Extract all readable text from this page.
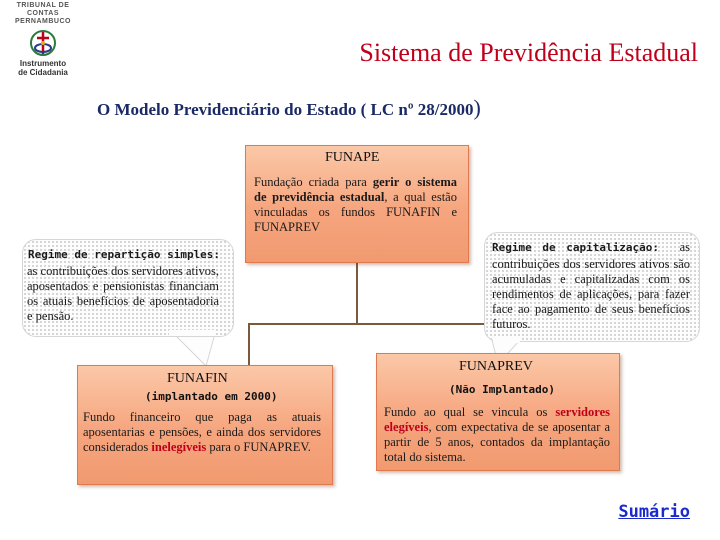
TRIBUNAL DE CONTAS
PERNAMBUCO
Instrumento
de Cidadania
Sistema de Previdência Estadual
O Modelo Previdenciário do Estado ( LC nº 28/2000)
FUNAPE
Fundação criada para gerir o sistema de previdência estadual, a qual estão vinculadas os fundos FUNAFIN e FUNAPREV
Regime de repartição simples:
as contribuições dos servidores ativos, aposentados e pensionistas financiam os atuais benefícios de aposentadoria e pensão.
Regime de capitalização: as
contribuições dos servidores ativos são acumuladas e capitalizadas com os rendimentos de aplicações, para fazer face ao pagamento de seus benefícios futuros.
FUNAFIN
(implantado em 2000)
Fundo financeiro que paga as atuais aposentarias e pensões, e ainda dos servidores considerados inelegíveis para o FUNAPREV.
FUNAPREV
(Não Implantado)
Fundo ao qual se vincula os servidores elegíveis, com expectativa de se aposentar a partir de 5 anos, contados da implantação total do sistema.
Sumário
